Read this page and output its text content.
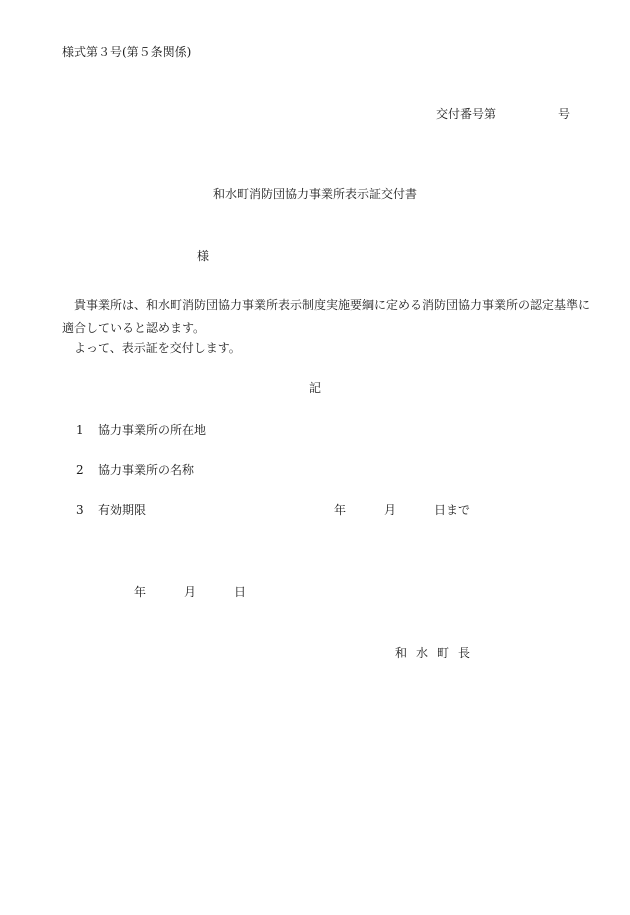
様式第３号(第５条関係)
交付番号第	号
和水町消防団協力事業所表示証交付書
様
貴事業所は、和水町消防団協力事業所表示制度実施要綱に定める消防団協力事業所の認定基準に適合していると認めます。
よって、表示証を交付します。
記
1 協力事業所の所在地
2 協力事業所の名称
3 有効期限	年	月	日まで
年	月	日
和水町長
